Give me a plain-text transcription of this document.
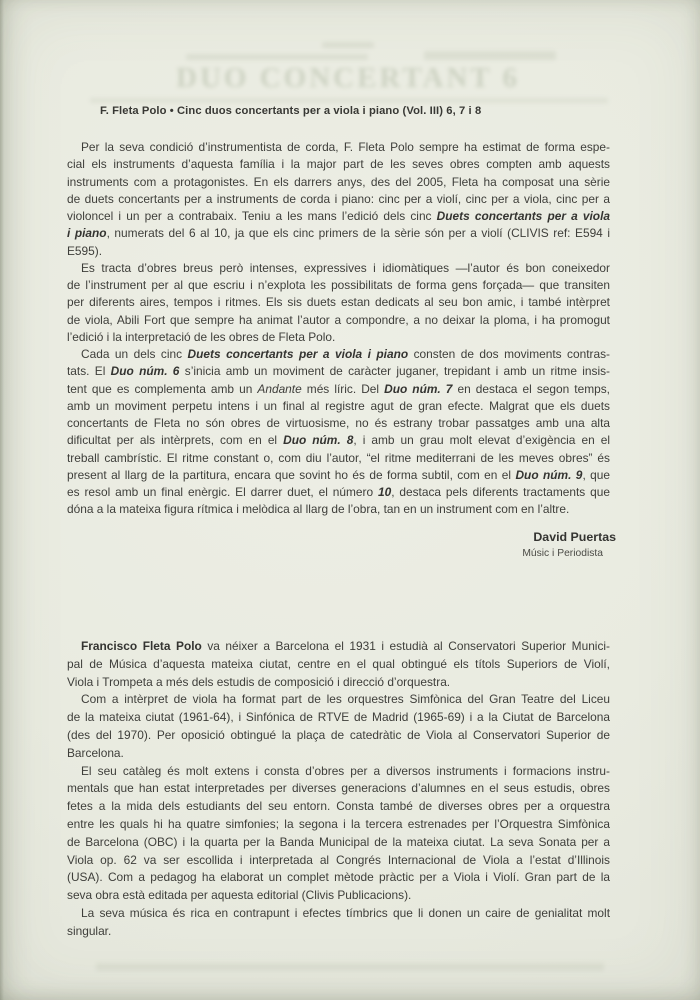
DUO CONCERTANT 6
F. Fleta Polo • Cinc duos concertants per a viola i piano (Vol. III) 6, 7 i 8
Per la seva condició d’instrumentista de corda, F. Fleta Polo sempre ha estimat de forma espe-
cial els instruments d’aquesta família i la major part de les seves obres compten amb aquests
instruments com a protagonistes. En els darrers anys, des del 2005, Fleta ha composat una sèrie
de duets concertants per a instruments de corda i piano: cinc per a violí, cinc per a viola, cinc per a
violoncel i un per a contrabaix. Teniu a les mans l’edició dels cinc Duets concertants per a viola
i piano, numerats del 6 al 10, ja que els cinc primers de la sèrie són per a violí (CLIVIS ref: E594 i
E595).
Es tracta d’obres breus però intenses, expressives i idiomàtiques —l’autor és bon coneixedor
de l’instrument per al que escriu i n’explota les possibilitats de forma gens forçada— que transiten
per diferents aires, tempos i ritmes. Els sis duets estan dedicats al seu bon amic, i també intèrpret
de viola, Abili Fort que sempre ha animat l’autor a compondre, a no deixar la ploma, i ha promogut
l’edició i la interpretació de les obres de Fleta Polo.
Cada un dels cinc Duets concertants per a viola i piano consten de dos moviments contras-
tats. El Duo núm. 6 s’inicia amb un moviment de caràcter juganer, trepidant i amb un ritme insis-
tent que es complementa amb un Andante més líric. Del Duo núm. 7 en destaca el segon temps,
amb un moviment perpetu intens i un final al registre agut de gran efecte. Malgrat que els duets
concertants de Fleta no són obres de virtuosisme, no és estrany trobar passatges amb una alta
dificultat per als intèrprets, com en el Duo núm. 8, i amb un grau molt elevat d’exigència en el
treball cambrístic. El ritme constant o, com diu l’autor, “el ritme mediterrani de les meves obres” és
present al llarg de la partitura, encara que sovint ho és de forma subtil, com en el Duo núm. 9, que
es resol amb un final enèrgic. El darrer duet, el número 10, destaca pels diferents tractaments que
dóna a la mateixa figura rítmica i melòdica al llarg de l’obra, tan en un instrument com en l’altre.
David Puertas
Músic i Periodista
Francisco Fleta Polo va néixer a Barcelona el 1931 i estudià al Conservatori Superior Munici-
pal de Música d’aquesta mateixa ciutat, centre en el qual obtingué els títols Superiors de Violí,
Viola i Trompeta a més dels estudis de composició i direcció d’orquestra.
Com a intèrpret de viola ha format part de les orquestres Simfònica del Gran Teatre del Liceu
de la mateixa ciutat (1961-64), i Sinfónica de RTVE de Madrid (1965-69) i a la Ciutat de Barcelona
(des del 1970). Per oposició obtingué la plaça de catedràtic de Viola al Conservatori Superior de
Barcelona.
El seu catàleg és molt extens i consta d’obres per a diversos instruments i formacions instru-
mentals que han estat interpretades per diverses generacions d’alumnes en el seus estudis, obres
fetes a la mida dels estudiants del seu entorn. Consta també de diverses obres per a orquestra
entre les quals hi ha quatre simfonies; la segona i la tercera estrenades per l’Orquestra Simfònica
de Barcelona (OBC) i la quarta per la Banda Municipal de la mateixa ciutat. La seva Sonata per a
Viola op. 62 va ser escollida i interpretada al Congrés Internacional de Viola a l’estat d’Illinois
(USA). Com a pedagog ha elaborat un complet mètode pràctic per a Viola i Violí. Gran part de la
seva obra està editada per aquesta editorial (Clivis Publicacions).
La seva música és rica en contrapunt i efectes tímbrics que li donen un caire de genialitat molt
singular.
